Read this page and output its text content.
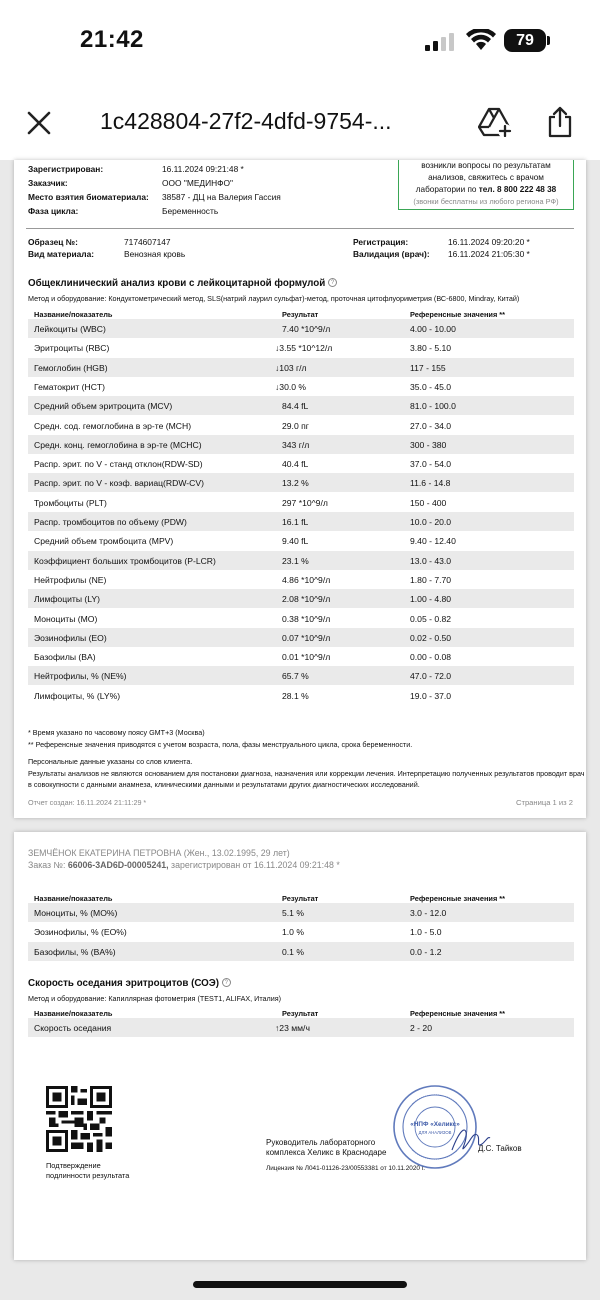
21:42	79
1c428804-27f2-4dfd-9754-...
возникли вопросы по результатам
анализов, свяжитесь с врачом
лаборатории по тел. 8 800 222 48 38
(звонки бесплатны из любого региона РФ)
Зарегистрирован:	16.11.2024 09:21:48 *
Заказчик:	ООО "МЕДИНФО"
Место взятия биоматериала: 38587 - ДЦ на Валерия Гассия
Фаза цикла:	Беременность
Образец №:	7174607147
Вид материала:	Венозная кровь
Регистрация:	16.11.2024 09:20:20 *
Валидация (врач): 16.11.2024 21:05:30 *
Общеклинический анализ крови с лейкоцитарной формулой ?
Метод и оборудование: Кондуктометрический метод, SLS(натрий лаурил сульфат)-метод, проточная цитофлуориметрия (ВС-6800, Mindray, Китай)
Название/показатель	Результат	Референсные значения **
* Время указано по часовому поясу GMT+3 (Москва)
** Референсные значения приводятся с учетом возраста, пола, фазы менструального цикла, срока беременности.
Персональные данные указаны со слов клиента.
Результаты анализов не являются основанием для постановки диагноза, назначения или коррекции лечения. Интерпретацию полученных результатов проводит врач
в совокупности с данными анамнеза, клиническими данными и результатами других диагностических исследований.
Отчет создан: 16.11.2024 21:11:29 *	Страница 1 из 2
Лейкоциты (WBC)	7.40 *10^9/л	4.00 - 10.00
Эритроциты (RBC)	↓3.55 *10^12/л	3.80 - 5.10
Гемоглобин (HGB)	↓103 г/л	117 - 155
Гематокрит (HCT)	↓30.0 %	35.0 - 45.0
Средний объем эритроцита (MCV)	84.4 fL	81.0 - 100.0
Средн. сод. гемоглобина в эр-те (MCH)	29.0 пг	27.0 - 34.0
Средн. конц. гемоглобина в эр-те (MCHC)	343 г/л	300 - 380
Распр. эрит. по V - станд отклон(RDW-SD)	40.4 fL	37.0 - 54.0
Распр. эрит. по V - коэф. вариац(RDW-CV)	13.2 %	11.6 - 14.8
Тромбоциты (PLT)	297 *10^9/л	150 - 400
Распр. тромбоцитов по объему (PDW)	16.1 fL	10.0 - 20.0
Средний объем тромбоцита (MPV)	9.40 fL	9.40 - 12.40
Коэффициент больших тромбоцитов (P-LCR)	23.1 %	13.0 - 43.0
Нейтрофилы (NE)	4.86 *10^9/л	1.80 - 7.70
Лимфоциты (LY)	2.08 *10^9/л	1.00 - 4.80
Моноциты (MO)	0.38 *10^9/л	0.05 - 0.82
Эозинофилы (EO)	0.07 *10^9/л	0.02 - 0.50
Базофилы (BA)	0.01 *10^9/л	0.00 - 0.08
Нейтрофилы, % (NE%)	65.7 %	47.0 - 72.0
Лимфоциты, % (LY%)	28.1 %	19.0 - 37.0
ЗЕМЧЁНОК ЕКАТЕРИНА ПЕТРОВНА (Жен., 13.02.1995, 29 лет)
Заказ №: 66006-3AD6D-00005241, зарегистрирован от 16.11.2024 09:21:48 *
Название/показатель	Результат	Референсные значения **
Скорость оседания эритроцитов (СОЭ) ?
Метод и оборудование: Капиллярная фотометрия (TEST1, ALIFAX, Италия)
Название/показатель	Результат	Референсные значения **
Подтверждение
подлинности результата
Руководитель лабораторного
комплекса Хеликс в Краснодаре	Д.С. Тайков
Лицензия № Л041-01126-23/00553381 от 10.11.2020 г.
«НПФ «Хеликс»
ДЛЯ АНАЛИЗОВ
Моноциты, % (MO%)	5.1 %	3.0 - 12.0
Эозинофилы, % (EO%)	1.0 %	1.0 - 5.0
Базофилы, % (BA%)	0.1 %	0.0 - 1.2
Скорость оседания	↑23 мм/ч	2 - 20
